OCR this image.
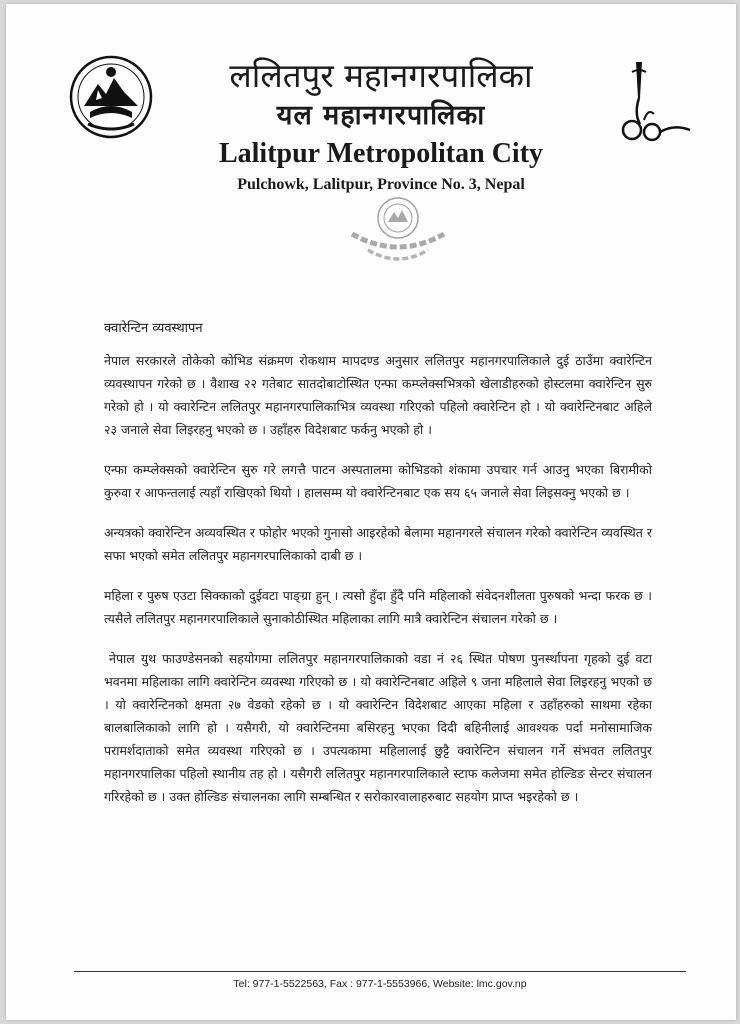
ललितपुर महानगरपालिका
यल महानगरपालिका
Lalitpur Metropolitan City
Pulchowk, Lalitpur, Province No. 3, Nepal
क्वारेन्टिन व्यवस्थापन

नेपाल सरकारले तोकेको कोभिड संक्रमण रोकथाम मापदण्ड अनुसार ललितपुर महानगरपालिकाले दुई ठाउँमा क्वारेन्टिन व्यवस्थापन गरेको छ । वैशाख २२ गतेबाट सातदोबाटोस्थित एन्फा कम्प्लेक्सभित्रको खेलाडीहरुको होस्टलमा क्वारेन्टिन सुरु गरेको हो । यो क्वारेन्टिन ललितपुर महानगरपालिकाभित्र व्यवस्था गरिएको पहिलो क्वारेन्टिन हो । यो क्वारेन्टिनबाट अहिले २३ जनाले सेवा लिइरहनु भएको छ । उहाँहरु विदेशबाट फर्कनु भएको हो ।

एन्फा कम्प्लेक्सको क्वारेन्टिन सुरु गरे लगत्तै पाटन अस्पतालमा कोभिडको शंकामा उपचार गर्न आउनु भएका बिरामीको कुरुवा र आफन्तलाई त्यहाँ राखिएको थियो । हालसम्म यो क्वारेन्टिनबाट एक सय ६५ जनाले सेवा लिइसक्नु भएको छ ।

अन्यत्रको क्वारेन्टिन अव्यवस्थित र फोहोर भएको गुनासो आइरहेको बेलामा महानगरले संचालन गरेको क्वारेन्टिन व्यवस्थित र सफा भएको समेत ललितपुर महानगरपालिकाको दाबी छ ।

महिला र पुरुष एउटा सिक्काको दुईवटा पाङ्ग्रा हुन् । त्यसो हुँदा हुँदै पनि महिलाको संवेदनशीलता पुरुषको भन्दा फरक छ । त्यसैले ललितपुर महानगरपालिकाले सुनाकोठीस्थित महिलाका लागि मात्रै क्वारेन्टिन संचालन गरेको छ ।

नेपाल युथ फाउण्डेसनको सहयोगमा ललितपुर महानगरपालिकाको वडा नं २६ स्थित पोषण पुनर्स्थापना गृहको दुई वटा भवनमा महिलाका लागि क्वारेन्टिन व्यवस्था गरिएको छ । यो क्वारेन्टिनबाट अहिले ९ जना महिलाले सेवा लिइरहनु भएको छ । यो क्वारेन्टिनको क्षमता २७ वेडको रहेको छ । यो क्वारेन्टिन विदेशबाट आएका महिला र उहाँहरुको साथमा रहेका बालबालिकाको लागि हो । यसैगरी, यो क्वारेन्टिनमा बसिरहनु भएका दिदी बहिनीलाई आवश्यक पर्दा मनोसामाजिक परामर्शदाताको समेत व्यवस्था गरिएको छ । उपत्यकामा महिलालाई छुट्टै क्वारेन्टिन संचालन गर्ने संभवत ललितपुर महानगरपालिका पहिलो स्थानीय तह हो । यसैगरी ललितपुर महानगरपालिकाले स्टाफ कलेजमा समेत होल्डिङ सेन्टर संचालन गरिरहेको छ । उक्त होल्डिङ संचालनका लागि सम्बन्धित र सरोकारवालाहरुबाट सहयोग प्राप्त भइरहेको छ ।

Tel: 977-1-5522563, Fax : 977-1-5553966, Website: lmc.gov.np
